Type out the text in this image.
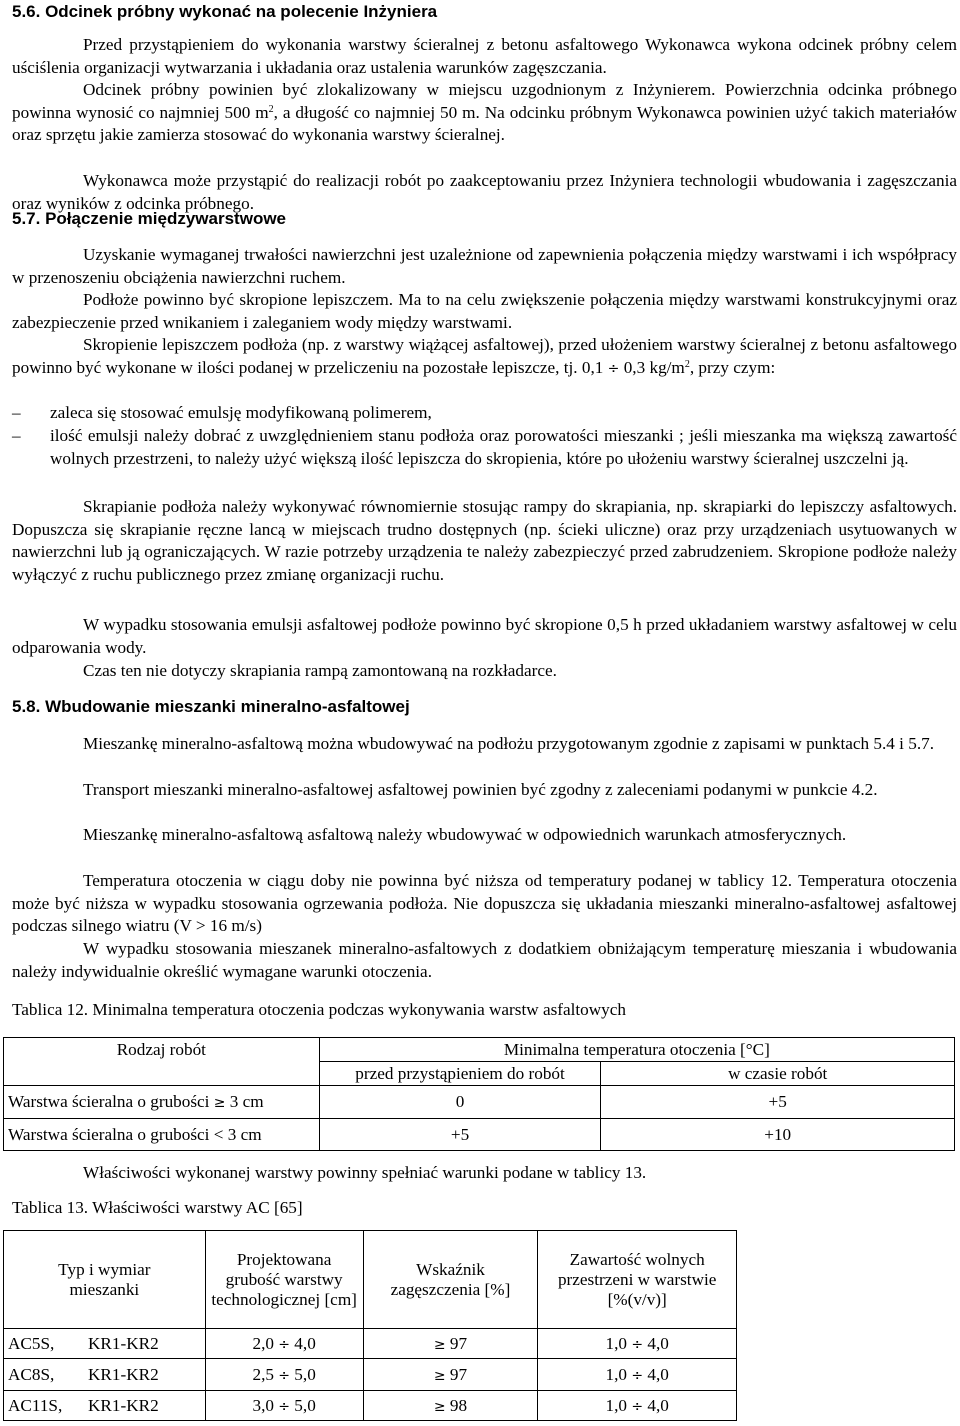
5.6. Odcinek próbny wykonać na polecenie Inżyniera

Przed przystąpieniem do wykonania warstwy ścieralnej z betonu asfaltowego Wykonawca wykona odcinek próbny celem uściślenia organizacji wytwarzania i układania oraz ustalenia warunków zagęszczania.

Odcinek próbny powinien być zlokalizowany w miejscu uzgodnionym z Inżynierem. Powierzchnia odcinka próbnego powinna wynosić co najmniej 500 $m^2$, a długość co najmniej 50 m. Na odcinku próbnym Wykonawca powinien użyć takich materiałów oraz sprzętu jakie zamierza stosować do wykonania warstwy ścieralnej.

Wykonawca może przystąpić do realizacji robót po zaakceptowaniu przez Inżyniera technologii wbudowania i zagęszczania oraz wyników z odcinka próbnego.

5.7. Połączenie międzywarstwowe

Uzyskanie wymaganej trwałości nawierzchni jest uzależnione od zapewnienia połączenia między warstwami i ich współpracy w przenoszeniu obciążenia nawierzchni ruchem.

Podłoże powinno być skropione lepiszczem. Ma to na celu zwiększenie połączenia między warstwami konstrukcyjnymi oraz zabezpieczenie przed wnikaniem i zaleganiem wody między warstwami.

Skropienie lepiszczem podłoża (np. z warstwy wiążącej asfaltowej), przed ułożeniem warstwy ścieralnej z betonu asfaltowego powinno być wykonane w ilości podanej w przeliczeniu na pozostałe lepiszcze, tj. 0,1 ÷ 0,3 $kg/m^2$, przy czym:

– zaleca się stosować emulsję modyfikowaną polimerem,
– ilość emulsji należy dobrać z uwzględnieniem stanu podłoża oraz porowatości mieszanki ; jeśli mieszanka ma większą zawartość wolnych przestrzeni, to należy użyć większą ilość lepiszcza do skropienia, które po ułożeniu warstwy ścieralnej uszczelni ją.

Skrapianie podłoża należy wykonywać równomiernie stosując rampy do skrapiania, np. skrapiarki do lepiszczy asfaltowych. Dopuszcza się skrapianie ręczne lancą w miejscach trudno dostępnych (np. ścieki uliczne) oraz przy urządzeniach usytuowanych w nawierzchni lub ją ograniczających. W razie potrzeby urządzenia te należy zabezpieczyć przed zabrudzeniem. Skropione podłoże należy wyłączyć z ruchu publicznego przez zmianę organizacji ruchu.

W wypadku stosowania emulsji asfaltowej podłoże powinno być skropione 0,5 h przed układaniem warstwy asfaltowej w celu odparowania wody.

Czas ten nie dotyczy skrapiania rampą zamontowaną na rozkładarce.

5.8. Wbudowanie mieszanki mineralno-asfaltowej

Mieszankę mineralno-asfaltową można wbudowywać na podłożu przygotowanym zgodnie z zapisami w punktach 5.4 i 5.7.

Transport mieszanki mineralno-asfaltowej asfaltowej powinien być zgodny z zaleceniami podanymi w punkcie 4.2.

Mieszankę mineralno-asfaltową asfaltową należy wbudowywać w odpowiednich warunkach atmosferycznych.

Temperatura otoczenia w ciągu doby nie powinna być niższa od temperatury podanej w tablicy 12. Temperatura otoczenia może być niższa w wypadku stosowania ogrzewania podłoża. Nie dopuszcza się układania mieszanki mineralno-asfaltowej asfaltowej podczas silnego wiatru (V > 16 m/s)

W wypadku stosowania mieszanek mineralno-asfaltowych z dodatkiem obniżającym temperaturę mieszania i wbudowania należy indywidualnie określić wymagane warunki otoczenia.

Tablica 12. Minimalna temperatura otoczenia podczas wykonywania warstw asfaltowych
Rodzaj robót	Minimalna temperatura otoczenia [°C]	
	przed przystąpieniem do robót	w czasie robót
Warstwa ścieralna o grubości ≥ 3 cm	0	+5
Warstwa ścieralna o grubości < 3 cm	+5	+10

Właściwości wykonanej warstwy powinny spełniać warunki podane w tablicy 13.

Tablica 13. Właściwości warstwy AC [65]
Typ i wymiar mieszanki	Projektowana grubość warstwy technologicznej [cm]	Wskaźnik zagęszczenia [%]	Zawartość wolnych przestrzeni w warstwie [%(v/v)]
AC5S, KR1-KR2	2,0 ÷ 4,0	≥ 97	1,0 ÷ 4,0
AC8S, KR1-KR2	2,5 ÷ 5,0	≥ 97	1,0 ÷ 4,0
AC11S, KR1-KR2	3,0 ÷ 5,0	≥ 98	1,0 ÷ 4,0
